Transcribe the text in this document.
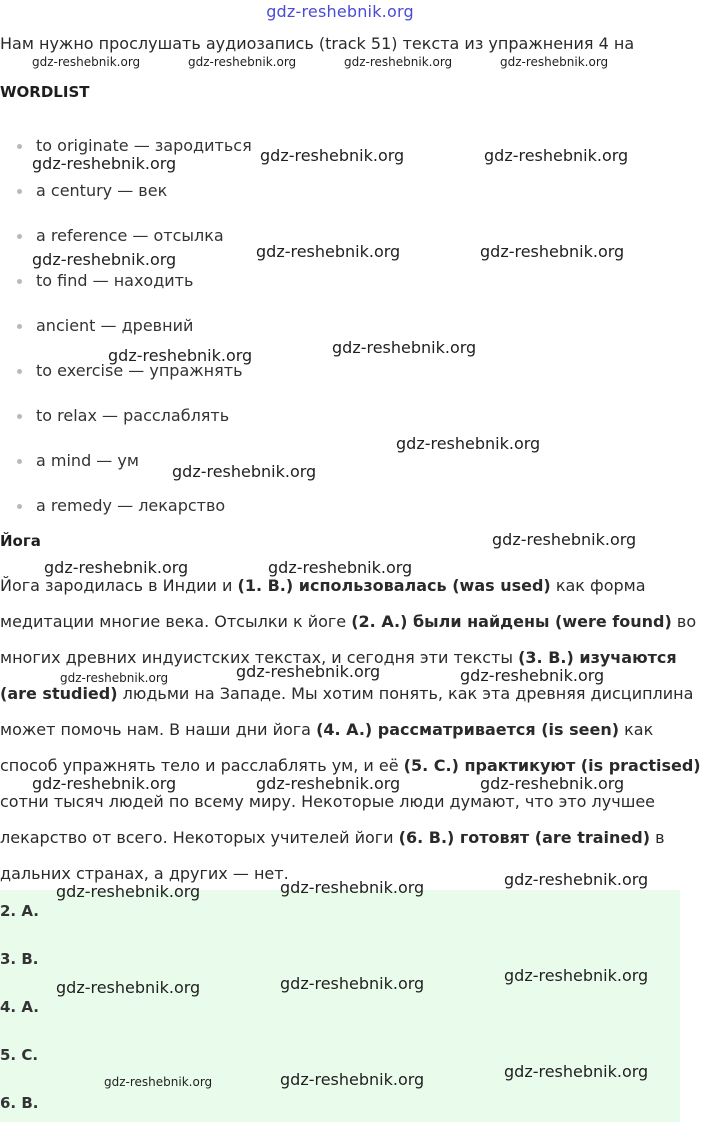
gdz-reshebnik.org
Нам нужно прослушать аудиозапись (track 51) текста из упражнения 4 на
WORDLIST
to originate — зародиться
a century — век
a reference — отсылка
to find — находить
ancient — древний
to exercise — упражнять
to relax — расслаблять
a mind — ум
a remedy — лекарство
Йога
Йога зародилась в Индии и (1. B.) использовалась (was used) как форма
медитации многие века. Отсылки к йоге (2. A.) были найдены (were found) во
многих древних индуистских текстах, и сегодня эти тексты (3. B.) изучаются
(are studied) людьми на Западе. Мы хотим понять, как эта древняя дисциплина
может помочь нам. В наши дни йога (4. A.) рассматривается (is seen) как
способ упражнять тело и расслаблять ум, и её (5. C.) практикуют (is practised)
сотни тысяч людей по всему миру. Некоторые люди думают, что это лучшее
лекарство от всего. Некоторых учителей йоги (6. B.) готовят (are trained) в
дальних странах, а других — нет.
2. A.
3. B.
4. A.
5. C.
6. B.
gdz-reshebnik.org	gdz-reshebnik.org	gdz-reshebnik.org	gdz-reshebnik.org
gdz-reshebnik.org	gdz-reshebnik.org	gdz-reshebnik.org
gdz-reshebnik.org	gdz-reshebnik.org	gdz-reshebnik.org
gdz-reshebnik.org	gdz-reshebnik.org
gdz-reshebnik.org
gdz-reshebnik.org
gdz-reshebnik.org
gdz-reshebnik.org	gdz-reshebnik.org
gdz-reshebnik.org	gdz-reshebnik.org	gdz-reshebnik.org
gdz-reshebnik.org	gdz-reshebnik.org	gdz-reshebnik.org
gdz-reshebnik.org	gdz-reshebnik.org	gdz-reshebnik.org
gdz-reshebnik.org	gdz-reshebnik.org	gdz-reshebnik.org
gdz-reshebnik.org	gdz-reshebnik.org	gdz-reshebnik.org
